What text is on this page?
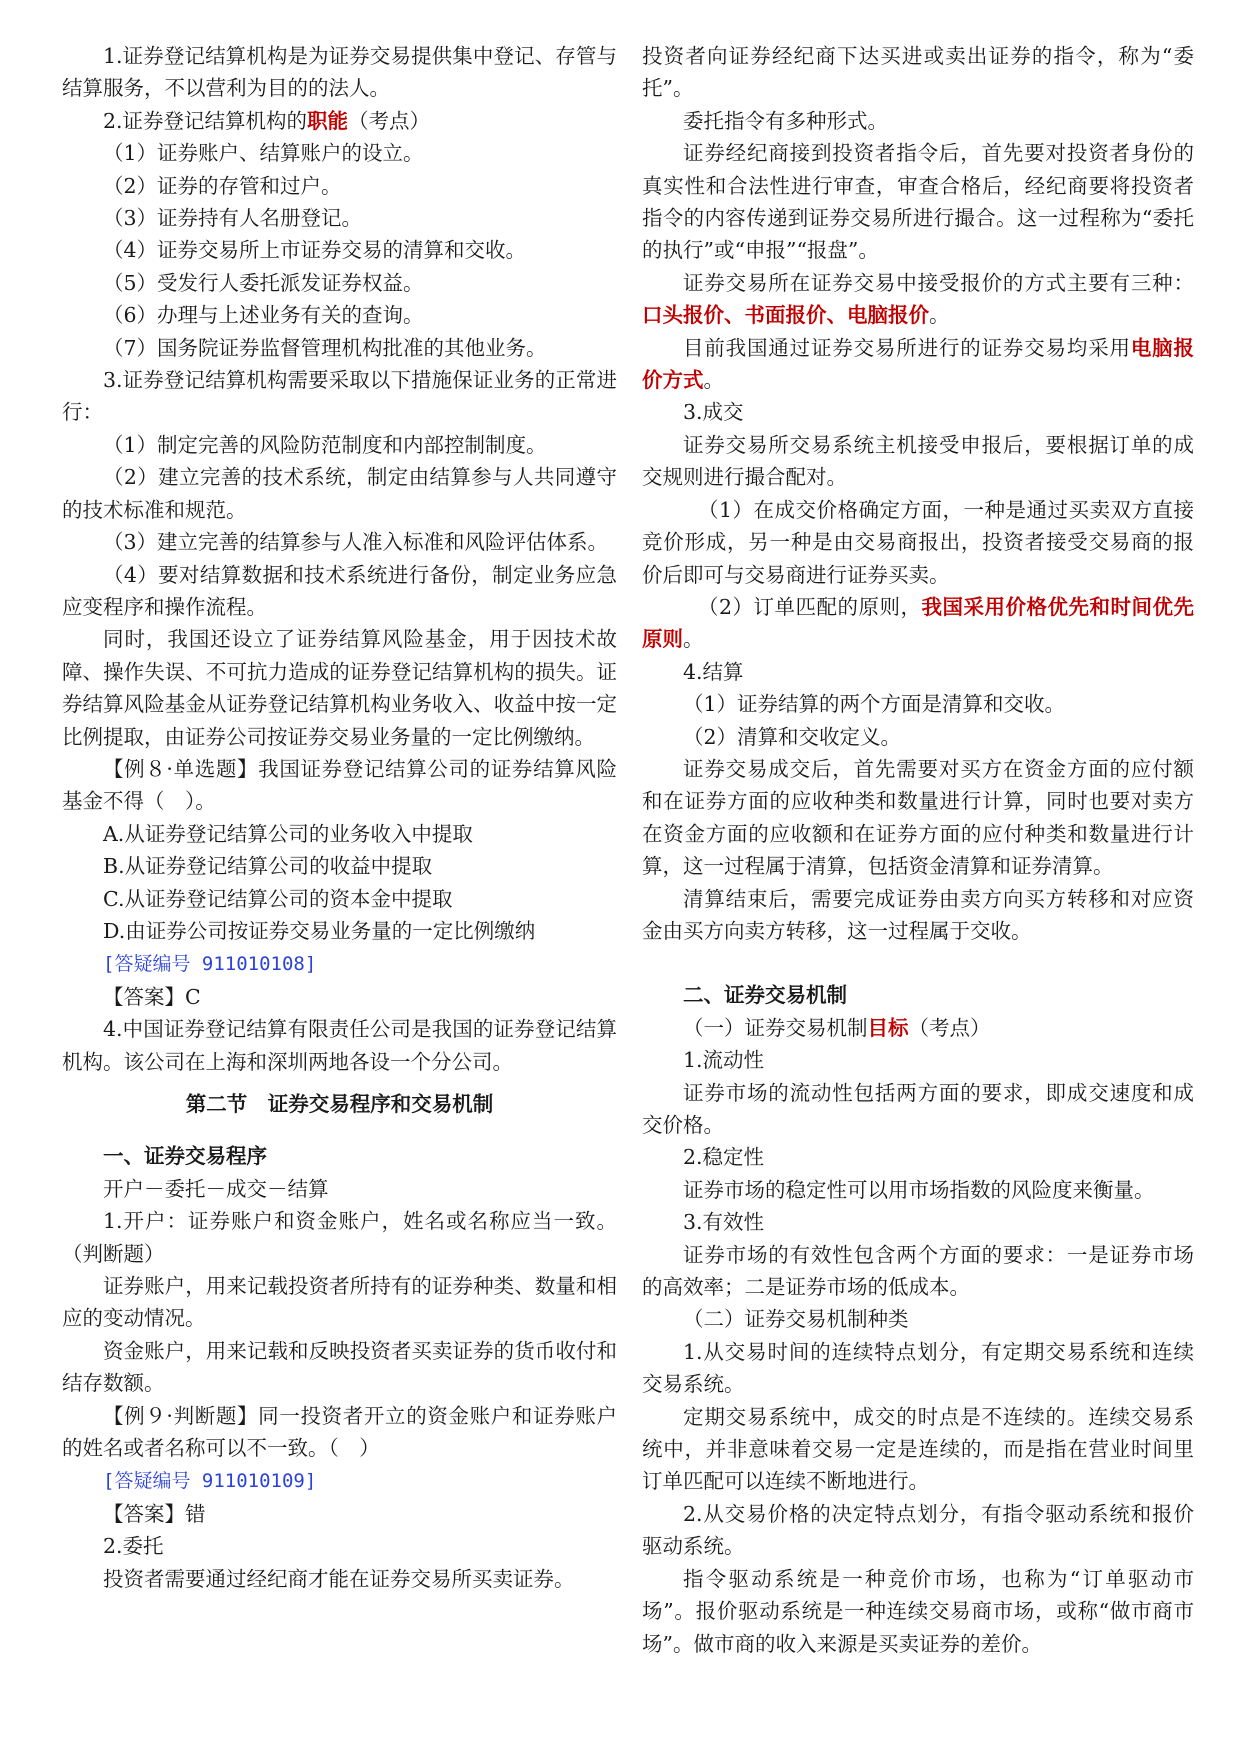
1.证券登记结算机构是为证券交易提供集中登记、存管与结算服务，不以营利为目的的法人。

2.证券登记结算机构的职能（考点）

（1）证券账户、结算账户的设立。

（2）证券的存管和过户。

（3）证券持有人名册登记。

（4）证券交易所上市证券交易的清算和交收。

（5）受发行人委托派发证券权益。

（6）办理与上述业务有关的查询。

（7）国务院证券监督管理机构批准的其他业务。

3.证券登记结算机构需要采取以下措施保证业务的正常进行：

（1）制定完善的风险防范制度和内部控制制度。

（2）建立完善的技术系统，制定由结算参与人共同遵守的技术标准和规范。

（3）建立完善的结算参与人准入标准和风险评估体系。

（4）要对结算数据和技术系统进行备份，制定业务应急应变程序和操作流程。

同时，我国还设立了证券结算风险基金，用于因技术故障、操作失误、不可抗力造成的证券登记结算机构的损失。证券结算风险基金从证券登记结算机构业务收入、收益中按一定比例提取，由证券公司按证券交易业务量的一定比例缴纳。

【例８·单选题】我国证券登记结算公司的证券结算风险基金不得（　）。

A.从证券登记结算公司的业务收入中提取

B.从证券登记结算公司的收益中提取

C.从证券登记结算公司的资本金中提取

D.由证券公司按证券交易业务量的一定比例缴纳

[答疑编号 911010108]

【答案】C

4.中国证券登记结算有限责任公司是我国的证券登记结算机构。该公司在上海和深圳两地各设一个分公司。

第二节　证券交易程序和交易机制

一、证券交易程序

开户－委托－成交－结算

1.开户：证券账户和资金账户，姓名或名称应当一致。（判断题）

证券账户，用来记载投资者所持有的证券种类、数量和相应的变动情况。

资金账户，用来记载和反映投资者买卖证券的货币收付和结存数额。

【例９·判断题】同一投资者开立的资金账户和证券账户的姓名或者名称可以不一致。（　）

[答疑编号 911010109]

【答案】错

2.委托

投资者需要通过经纪商才能在证券交易所买卖证券。

投资者向证券经纪商下达买进或卖出证券的指令，称为“委托”。

委托指令有多种形式。

证券经纪商接到投资者指令后，首先要对投资者身份的真实性和合法性进行审查，审查合格后，经纪商要将投资者指令的内容传递到证券交易所进行撮合。这一过程称为“委托的执行”或“申报”“报盘”。

证券交易所在证券交易中接受报价的方式主要有三种：口头报价、书面报价、电脑报价。

目前我国通过证券交易所进行的证券交易均采用电脑报价方式。

3.成交

证券交易所交易系统主机接受申报后，要根据订单的成交规则进行撮合配对。

（1）在成交价格确定方面，一种是通过买卖双方直接竞价形成，另一种是由交易商报出，投资者接受交易商的报价后即可与交易商进行证券买卖。

（2）订单匹配的原则，我国采用价格优先和时间优先原则。

4.结算

（1）证券结算的两个方面是清算和交收。

（2）清算和交收定义。

证券交易成交后，首先需要对买方在资金方面的应付额和在证券方面的应收种类和数量进行计算，同时也要对卖方在资金方面的应收额和在证券方面的应付种类和数量进行计算，这一过程属于清算，包括资金清算和证券清算。

清算结束后，需要完成证券由卖方向买方转移和对应资金由买方向卖方转移，这一过程属于交收。

二、证券交易机制

（一）证券交易机制目标（考点）

1.流动性

证券市场的流动性包括两方面的要求，即成交速度和成交价格。

2.稳定性

证券市场的稳定性可以用市场指数的风险度来衡量。

3.有效性

证券市场的有效性包含两个方面的要求：一是证券市场的高效率；二是证券市场的低成本。

（二）证券交易机制种类

1.从交易时间的连续特点划分，有定期交易系统和连续交易系统。

定期交易系统中，成交的时点是不连续的。连续交易系统中，并非意味着交易一定是连续的，而是指在营业时间里订单匹配可以连续不断地进行。

2.从交易价格的决定特点划分，有指令驱动系统和报价驱动系统。

指令驱动系统是一种竞价市场，也称为“订单驱动市场”。报价驱动系统是一种连续交易商市场，或称“做市商市场”。做市商的收入来源是买卖证券的差价。
